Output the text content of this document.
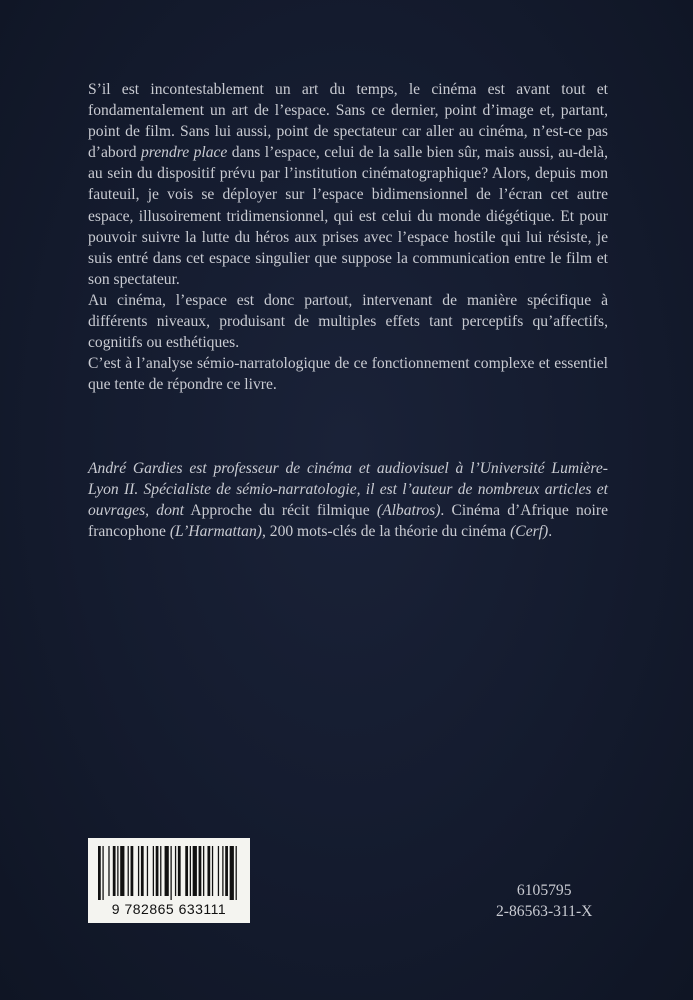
S’il est incontestablement un art du temps, le cinéma est avant tout et fondamentalement un art de l’espace. Sans ce dernier, point d’image et, partant, point de film. Sans lui aussi, point de spectateur car aller au cinéma, n’est-ce pas d’abord prendre place dans l’espace, celui de la salle bien sûr, mais aussi, au-delà, au sein du dispositif prévu par l’institution cinématographique? Alors, depuis mon fauteuil, je vois se déployer sur l’espace bidimensionnel de l’écran cet autre espace, illusoirement tridimensionnel, qui est celui du monde diégétique. Et pour pouvoir suivre la lutte du héros aux prises avec l’espace hostile qui lui résiste, je suis entré dans cet espace singulier que suppose la communication entre le film et son spectateur.

Au cinéma, l’espace est donc partout, intervenant de manière spécifique à différents niveaux, produisant de multiples effets tant perceptifs qu’affectifs, cognitifs ou esthétiques.

C’est à l’analyse sémio-narratologique de ce fonctionnement complexe et essentiel que tente de répondre ce livre.

André Gardies est professeur de cinéma et audiovisuel à l’Université Lumière-Lyon II. Spécialiste de sémio-narratologie, il est l’auteur de nombreux articles et ouvrages, dont Approche du récit filmique (Albatros). Cinéma d’Afrique noire francophone (L’Harmattan), 200 mots-clés de la théorie du cinéma (Cerf).

9 782865 633111
6105795
2-86563-311-X
